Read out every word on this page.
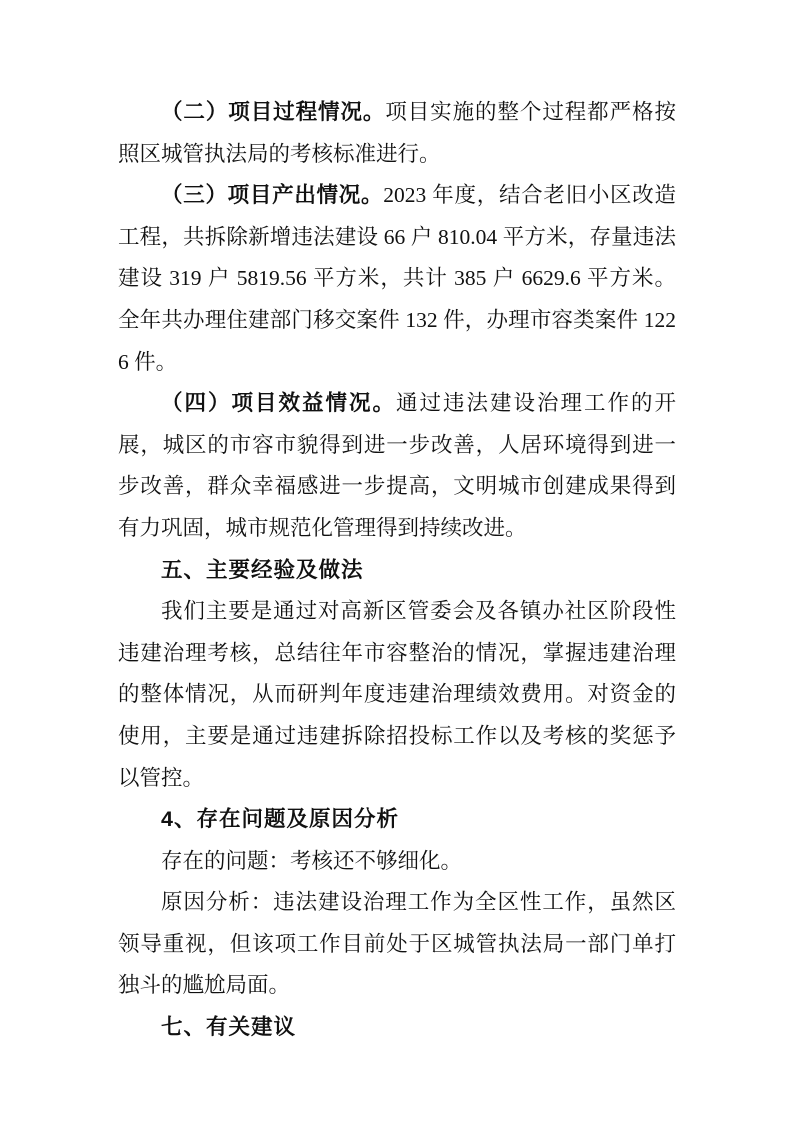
（二）项目过程情况。项目实施的整个过程都严格按照区城管执法局的考核标准进行。

（三）项目产出情况。2023 年度，结合老旧小区改造工程，共拆除新增违法建设 66 户 810.04 平方米，存量违法建设 319 户 5819.56 平方米，共计 385 户 6629.6 平方米。全年共办理住建部门移交案件 132 件，办理市容类案件 1226 件。

（四）项目效益情况。通过违法建设治理工作的开展，城区的市容市貌得到进一步改善，人居环境得到进一步改善，群众幸福感进一步提高，文明城市创建成果得到有力巩固，城市规范化管理得到持续改进。

五、主要经验及做法

我们主要是通过对高新区管委会及各镇办社区阶段性违建治理考核，总结往年市容整治的情况，掌握违建治理的整体情况，从而研判年度违建治理绩效费用。对资金的使用，主要是通过违建拆除招投标工作以及考核的奖惩予以管控。

4、存在问题及原因分析

存在的问题：考核还不够细化。

原因分析：违法建设治理工作为全区性工作，虽然区领导重视，但该项工作目前处于区城管执法局一部门单打独斗的尴尬局面。

七、有关建议
